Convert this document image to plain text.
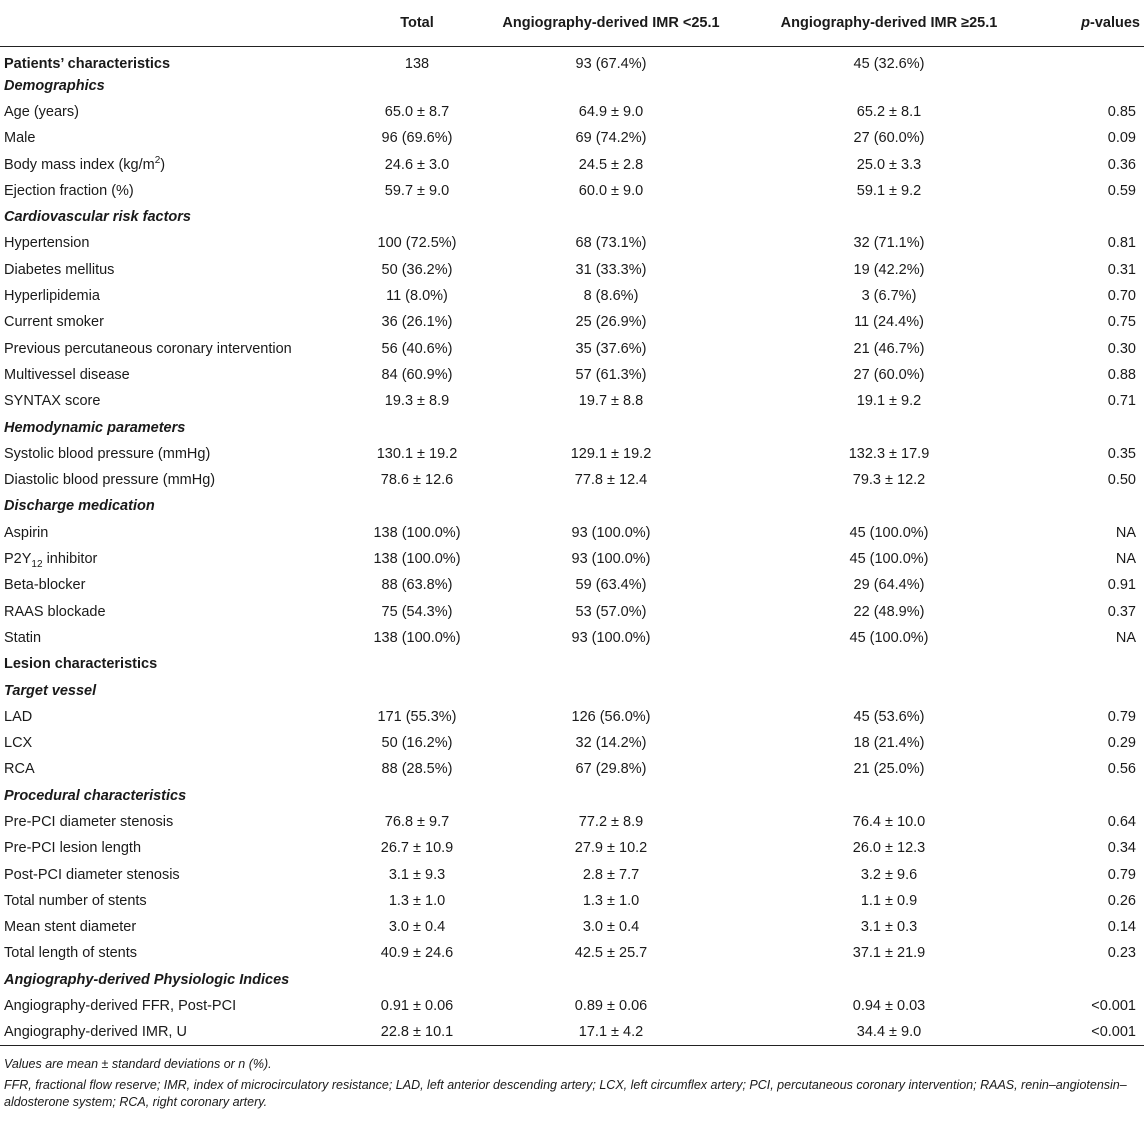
	Total	Angiography-derived IMR <25.1	Angiography-derived IMR ≥25.1	p-values
Patients’ characteristics	138	93 (67.4%)	45 (32.6%)	
Demographics				
Age (years)	65.0 ± 8.7	64.9 ± 9.0	65.2 ± 8.1	0.85
Male	96 (69.6%)	69 (74.2%)	27 (60.0%)	0.09
Body mass index $(kg/m^2)$	24.6 ± 3.0	24.5 ± 2.8	25.0 ± 3.3	0.36
Ejection fraction (%)	59.7 ± 9.0	60.0 ± 9.0	59.1 ± 9.2	0.59
Cardiovascular risk factors				
Hypertension	100 (72.5%)	68 (73.1%)	32 (71.1%)	0.81
Diabetes mellitus	50 (36.2%)	31 (33.3%)	19 (42.2%)	0.31
Hyperlipidemia	11 (8.0%)	8 (8.6%)	3 (6.7%)	0.70
Current smoker	36 (26.1%)	25 (26.9%)	11 (24.4%)	0.75
Previous percutaneous coronary intervention	56 (40.6%)	35 (37.6%)	21 (46.7%)	0.30
Multivessel disease	84 (60.9%)	57 (61.3%)	27 (60.0%)	0.88
SYNTAX score	19.3 ± 8.9	19.7 ± 8.8	19.1 ± 9.2	0.71
Hemodynamic parameters				
Systolic blood pressure (mmHg)	130.1 ± 19.2	129.1 ± 19.2	132.3 ± 17.9	0.35
Diastolic blood pressure (mmHg)	78.6 ± 12.6	77.8 ± 12.4	79.3 ± 12.2	0.50
Discharge medication				
Aspirin	138 (100.0%)	93 (100.0%)	45 (100.0%)	NA
$P2Y_{12}$ inhibitor	138 (100.0%)	93 (100.0%)	45 (100.0%)	NA
Beta-blocker	88 (63.8%)	59 (63.4%)	29 (64.4%)	0.91
RAAS blockade	75 (54.3%)	53 (57.0%)	22 (48.9%)	0.37
Statin	138 (100.0%)	93 (100.0%)	45 (100.0%)	NA
Lesion characteristics				
Target vessel				
LAD	171 (55.3%)	126 (56.0%)	45 (53.6%)	0.79
LCX	50 (16.2%)	32 (14.2%)	18 (21.4%)	0.29
RCA	88 (28.5%)	67 (29.8%)	21 (25.0%)	0.56
Procedural characteristics				
Pre-PCI diameter stenosis	76.8 ± 9.7	77.2 ± 8.9	76.4 ± 10.0	0.64
Pre-PCI lesion length	26.7 ± 10.9	27.9 ± 10.2	26.0 ± 12.3	0.34
Post-PCI diameter stenosis	3.1 ± 9.3	2.8 ± 7.7	3.2 ± 9.6	0.79
Total number of stents	1.3 ± 1.0	1.3 ± 1.0	1.1 ± 0.9	0.26
Mean stent diameter	3.0 ± 0.4	3.0 ± 0.4	3.1 ± 0.3	0.14
Total length of stents	40.9 ± 24.6	42.5 ± 25.7	37.1 ± 21.9	0.23
Angiography-derived Physiologic Indices				
Angiography-derived FFR, Post-PCI	0.91 ± 0.06	0.89 ± 0.06	0.94 ± 0.03	<0.001
Angiography-derived IMR, U	22.8 ± 10.1	17.1 ± 4.2	34.4 ± 9.0	<0.001
Values are mean ± standard deviations or n (%).
FFR, fractional flow reserve; IMR, index of microcirculatory resistance; LAD, left anterior descending artery; LCX, left circumflex artery; PCI, percutaneous coronary intervention; RAAS, renin–angiotensin–aldosterone system; RCA, right coronary artery.
